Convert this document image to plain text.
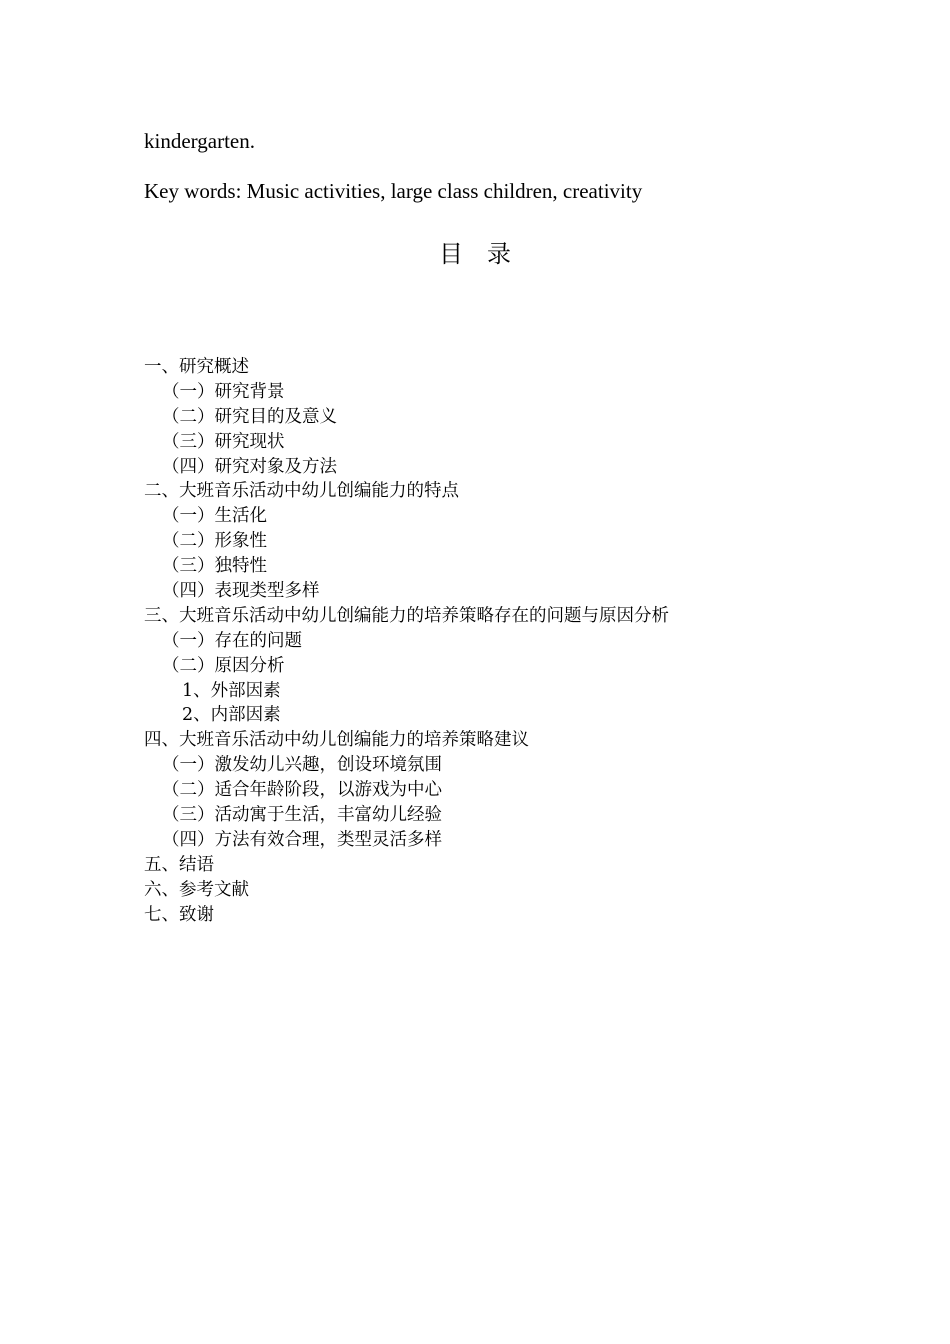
kindergarten.
Key words: Music activities, large class children, creativity
目 录
一、研究概述
（一）研究背景
（二）研究目的及意义
（三）研究现状
（四）研究对象及方法
二、大班音乐活动中幼儿创编能力的特点
（一）生活化
（二）形象性
（三）独特性
（四）表现类型多样
三、大班音乐活动中幼儿创编能力的培养策略存在的问题与原因分析
（一）存在的问题
（二）原因分析
1、外部因素
2、内部因素
四、大班音乐活动中幼儿创编能力的培养策略建议
（一）激发幼儿兴趣，创设环境氛围
（二）适合年龄阶段，以游戏为中心
（三）活动寓于生活，丰富幼儿经验
（四）方法有效合理，类型灵活多样
五、结语
六、参考文献
七、致谢
